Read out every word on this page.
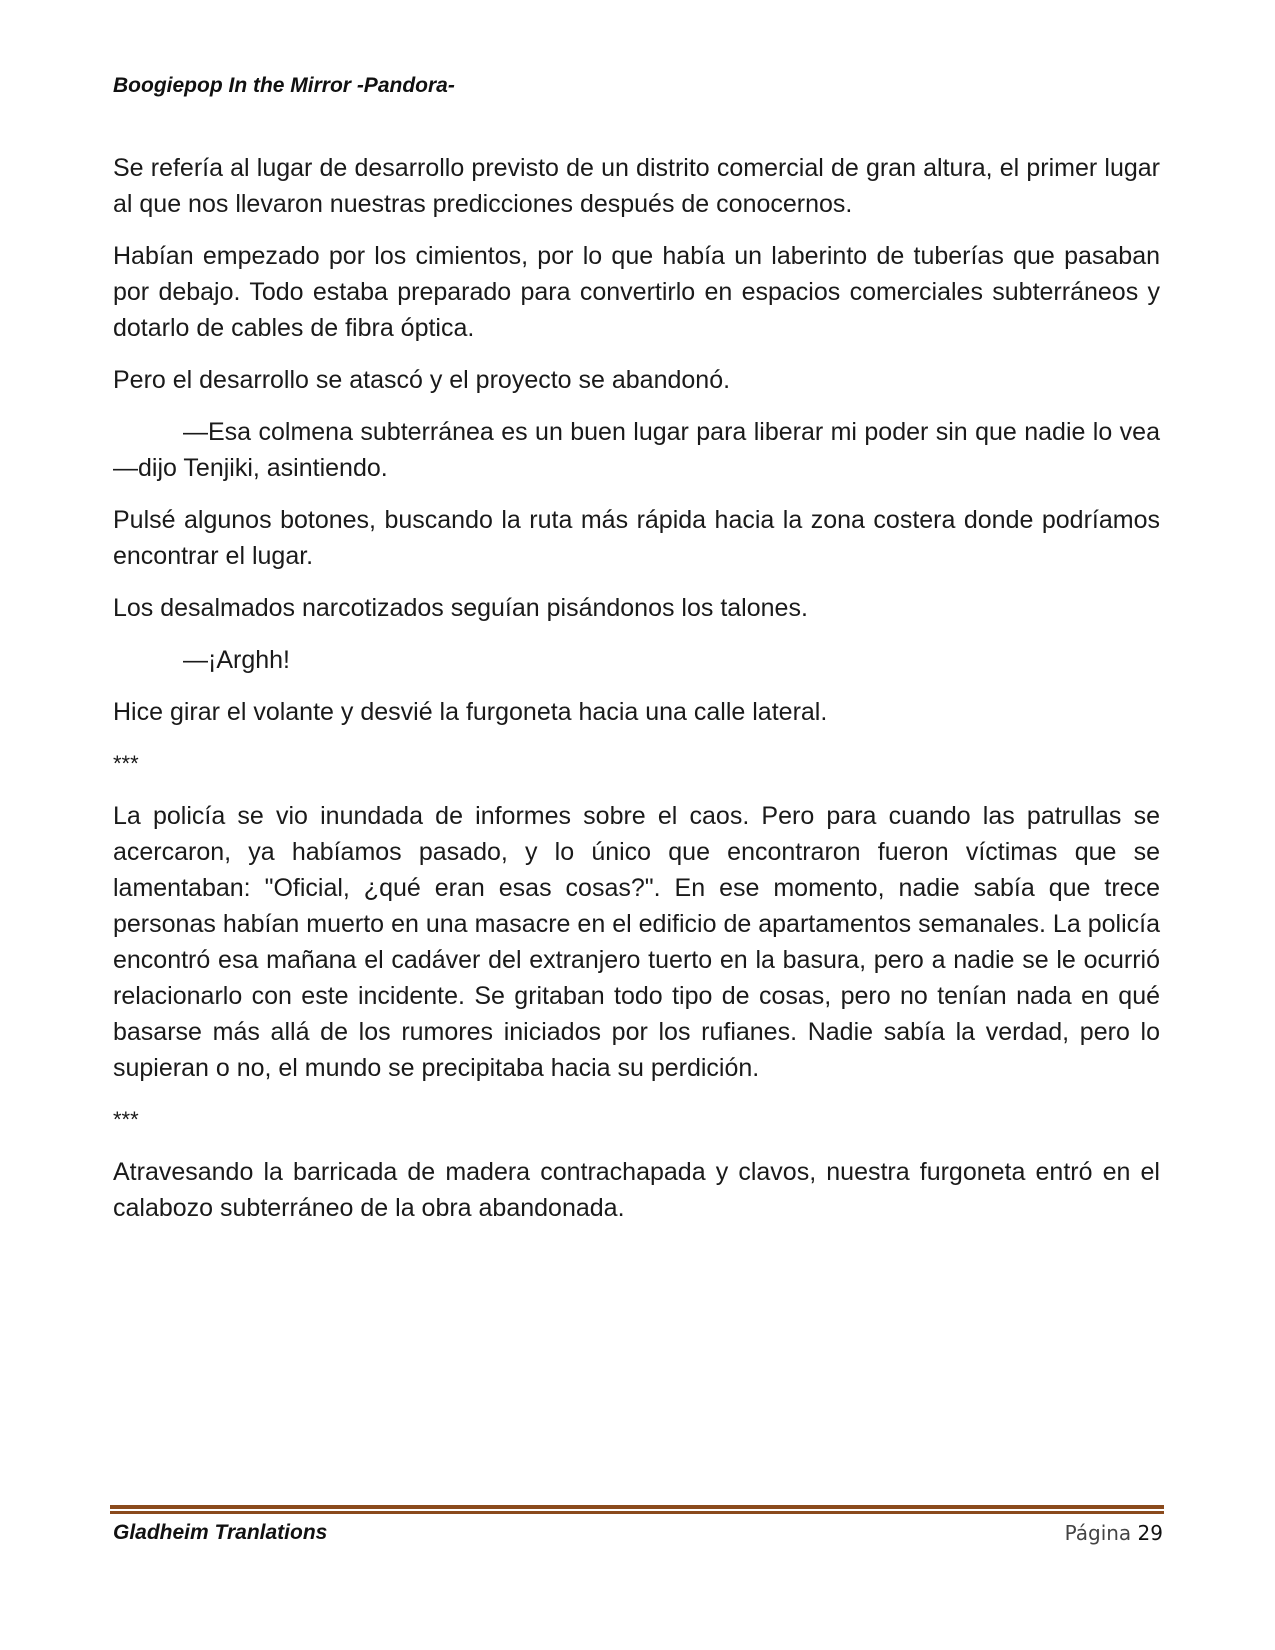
Boogiepop In the Mirror -Pandora-

Se refería al lugar de desarrollo previsto de un distrito comercial de gran altura, el primer lugar al que nos llevaron nuestras predicciones después de conocernos.

Habían empezado por los cimientos, por lo que había un laberinto de tuberías que pasaban por debajo. Todo estaba preparado para convertirlo en espacios comerciales subterráneos y dotarlo de cables de fibra óptica.

Pero el desarrollo se atascó y el proyecto se abandonó.

—Esa colmena subterránea es un buen lugar para liberar mi poder sin que nadie lo vea —dijo Tenjiki, asintiendo.

Pulsé algunos botones, buscando la ruta más rápida hacia la zona costera donde podríamos encontrar el lugar.

Los desalmados narcotizados seguían pisándonos los talones.

—¡Arghh!

Hice girar el volante y desvié la furgoneta hacia una calle lateral.

***

La policía se vio inundada de informes sobre el caos. Pero para cuando las patrullas se acercaron, ya habíamos pasado, y lo único que encontraron fueron víctimas que se lamentaban: "Oficial, ¿qué eran esas cosas?". En ese momento, nadie sabía que trece personas habían muerto en una masacre en el edificio de apartamentos semanales. La policía encontró esa mañana el cadáver del extranjero tuerto en la basura, pero a nadie se le ocurrió relacionarlo con este incidente. Se gritaban todo tipo de cosas, pero no tenían nada en qué basarse más allá de los rumores iniciados por los rufianes. Nadie sabía la verdad, pero lo supieran o no, el mundo se precipitaba hacia su perdición.

***

Atravesando la barricada de madera contrachapada y clavos, nuestra furgoneta entró en el calabozo subterráneo de la obra abandonada.

Gladheim Tranlations	Página 29
